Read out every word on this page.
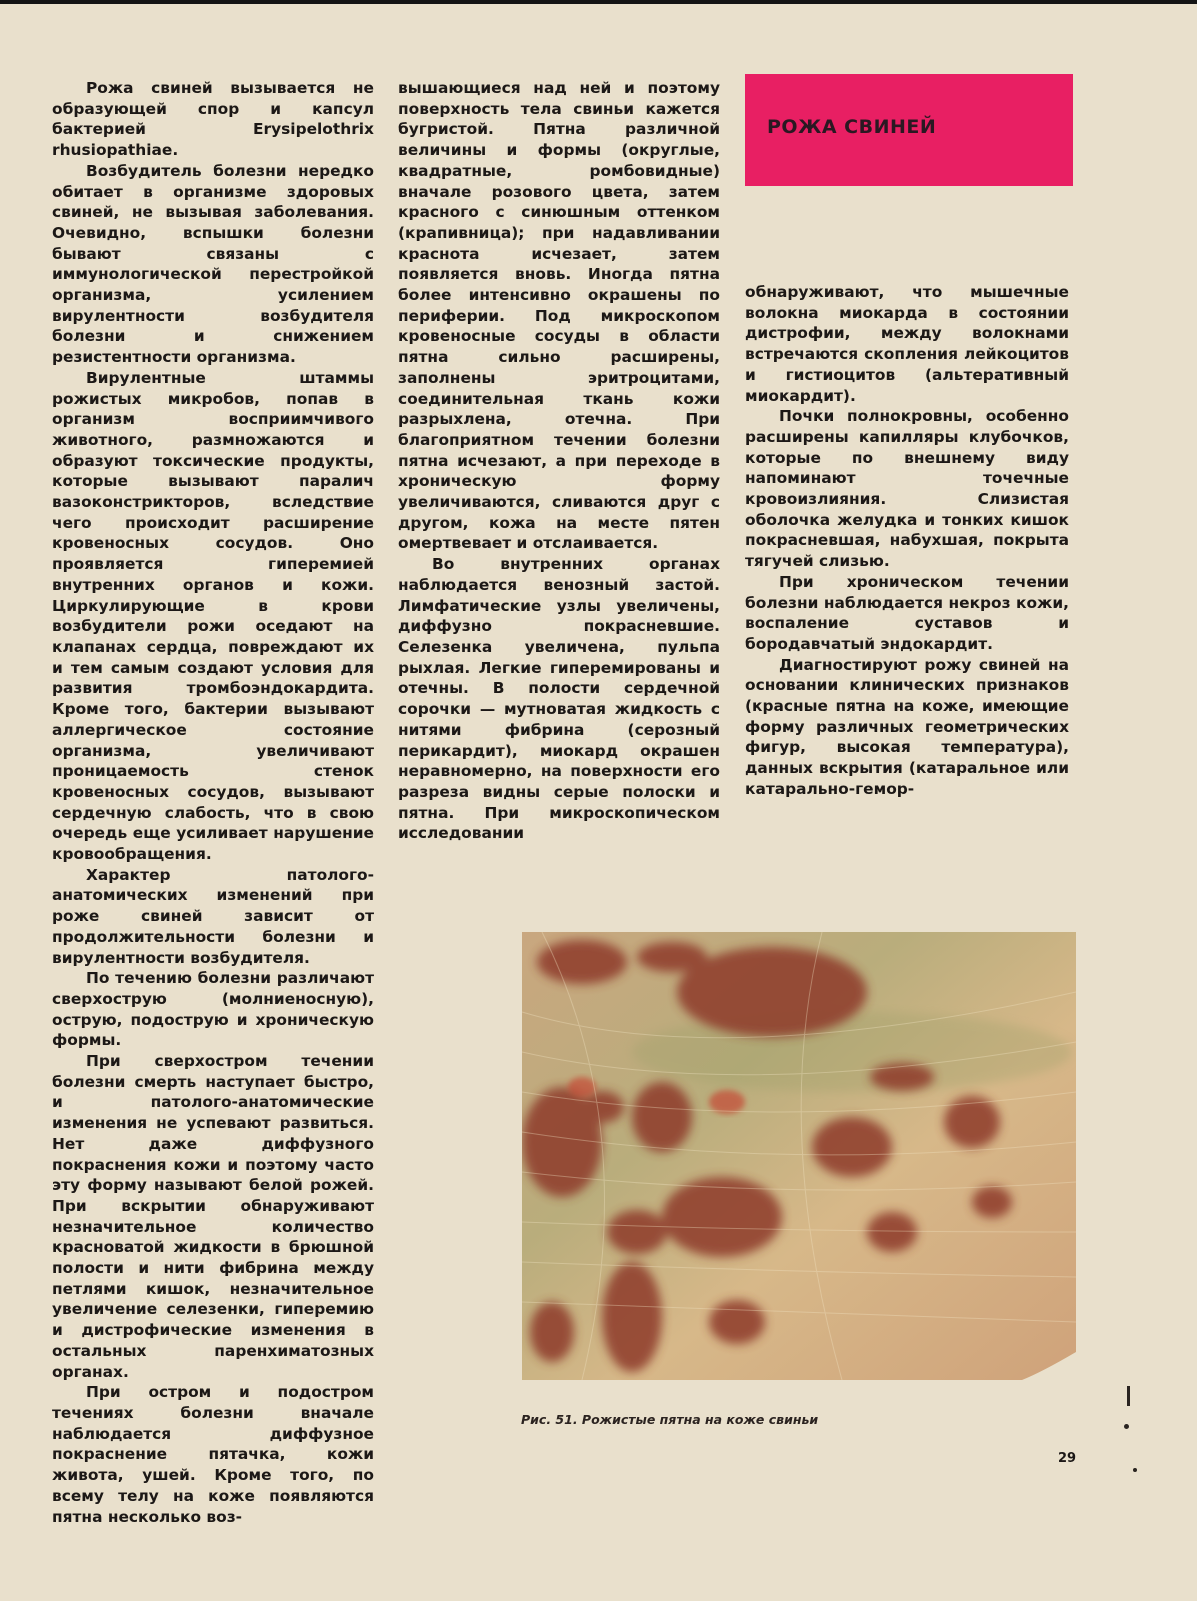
Рожа свиней вызывается не образующей спор и капсул бактерией Erysipelothrix rhusiopathiae.

Возбудитель болезни нередко обитает в организме здоровых свиней, не вызывая заболевания. Очевидно, вспышки болезни бывают связаны с иммунологической перестройкой организма, усилением вирулентности возбудителя болезни и снижением резистентности организма.

Вирулентные штаммы рожистых микробов, попав в организм восприимчивого животного, размножаются и образуют токсические продукты, которые вызывают паралич вазоконстрикторов, вследствие чего происходит расширение кровеносных сосудов. Оно проявляется гиперемией внутренних органов и кожи. Циркулирующие в крови возбудители рожи оседают на клапанах сердца, повреждают их и тем самым создают условия для развития тромбоэндокардита. Кроме того, бактерии вызывают аллергическое состояние организма, увеличивают проницаемость стенок кровеносных сосудов, вызывают сердечную слабость, что в свою очередь еще усиливает нарушение кровообращения.

Характер патолого-анатомических изменений при роже свиней зависит от продолжительности болезни и вирулентности возбудителя.

По течению болезни различают сверхострую (молниеносную), острую, подострую и хроническую формы.

При сверхостром течении болезни смерть наступает быстро, и патолого-анатомические изменения не успевают развиться. Нет даже диффузного покраснения кожи и поэтому часто эту форму называют белой рожей. При вскрытии обнаруживают незначительное количество красноватой жидкости в брюшной полости и нити фибрина между петлями кишок, незначительное увеличение селезенки, гиперемию и дистрофические изменения в остальных паренхиматозных органах.

При остром и подостром течениях болезни вначале наблюдается диффузное покраснение пятачка, кожи живота, ушей. Кроме того, по всему телу на коже появляются пятна несколько воз-

вышающиеся над ней и поэтому поверхность тела свиньи кажется бугристой. Пятна различной величины и формы (округлые, квадратные, ромбовидные) вначале розового цвета, затем красного с синюшным оттенком (крапивница); при надавливании краснота исчезает, затем появляется вновь. Иногда пятна более интенсивно окрашены по периферии. Под микроскопом кровеносные сосуды в области пятна сильно расширены, заполнены эритроцитами, соединительная ткань кожи разрыхлена, отечна. При благоприятном течении болезни пятна исчезают, а при переходе в хроническую форму увеличиваются, сливаются друг с другом, кожа на месте пятен омертвевает и отслаивается.

Во внутренних органах наблюдается венозный застой. Лимфатические узлы увеличены, диффузно покрасневшие. Селезенка увеличена, пульпа рыхлая. Легкие гиперемированы и отечны. В полости сердечной сорочки — мутноватая жидкость с нитями фибрина (серозный перикардит), миокард окрашен неравномерно, на поверхности его разреза видны серые полоски и пятна. При микроскопическом исследовании

РОЖА СВИНЕЙ

обнаруживают, что мышечные волокна миокарда в состоянии дистрофии, между волокнами встречаются скопления лейкоцитов и гистиоцитов (альтеративный миокардит).

Почки полнокровны, особенно расширены капилляры клубочков, которые по внешнему виду напоминают точечные кровоизлияния. Слизистая оболочка желудка и тонких кишок покрасневшая, набухшая, покрыта тягучей слизью.

При хроническом течении болезни наблюдается некроз кожи, воспаление суставов и бородавчатый эндокардит.

Диагностируют рожу свиней на основании клинических признаков (красные пятна на коже, имеющие форму различных геометрических фигур, высокая температура), данных вскрытия (катаральное или катарально-гемор-

Рис. 51. Рожистые пятна на коже свиньи
29
